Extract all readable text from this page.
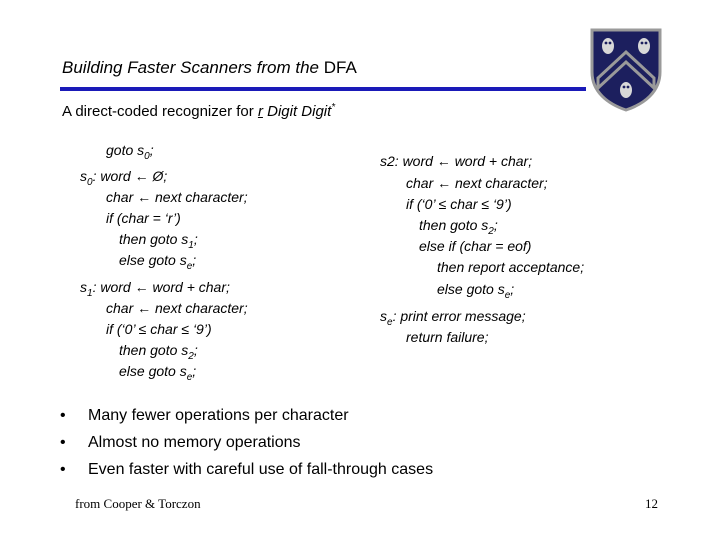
Building Faster Scanners from the DFA
A direct-coded recognizer for r Digit Digit*
goto $s_0$;
$s_0$: word ← Ø;
char ← next character;
if (char = ‘r’)
then goto $s_1$;
else goto $s_e$;
$s_1$: word ← word + char;
char ← next character;
if (‘0’ ≤ char ≤ ‘9’)
then goto $s_2$;
else goto $s_e$;
s2: word ← word + char;
char ← next character;
if (‘0’ ≤ char ≤ ‘9’)
then goto $s_2$;
else if (char = eof)
then report acceptance;
else goto $s_e$;
$s_e$: print error message;
return failure;
• Many fewer operations per character
• Almost no memory operations
• Even faster with careful use of fall-through cases
from Cooper & Torczon	12
